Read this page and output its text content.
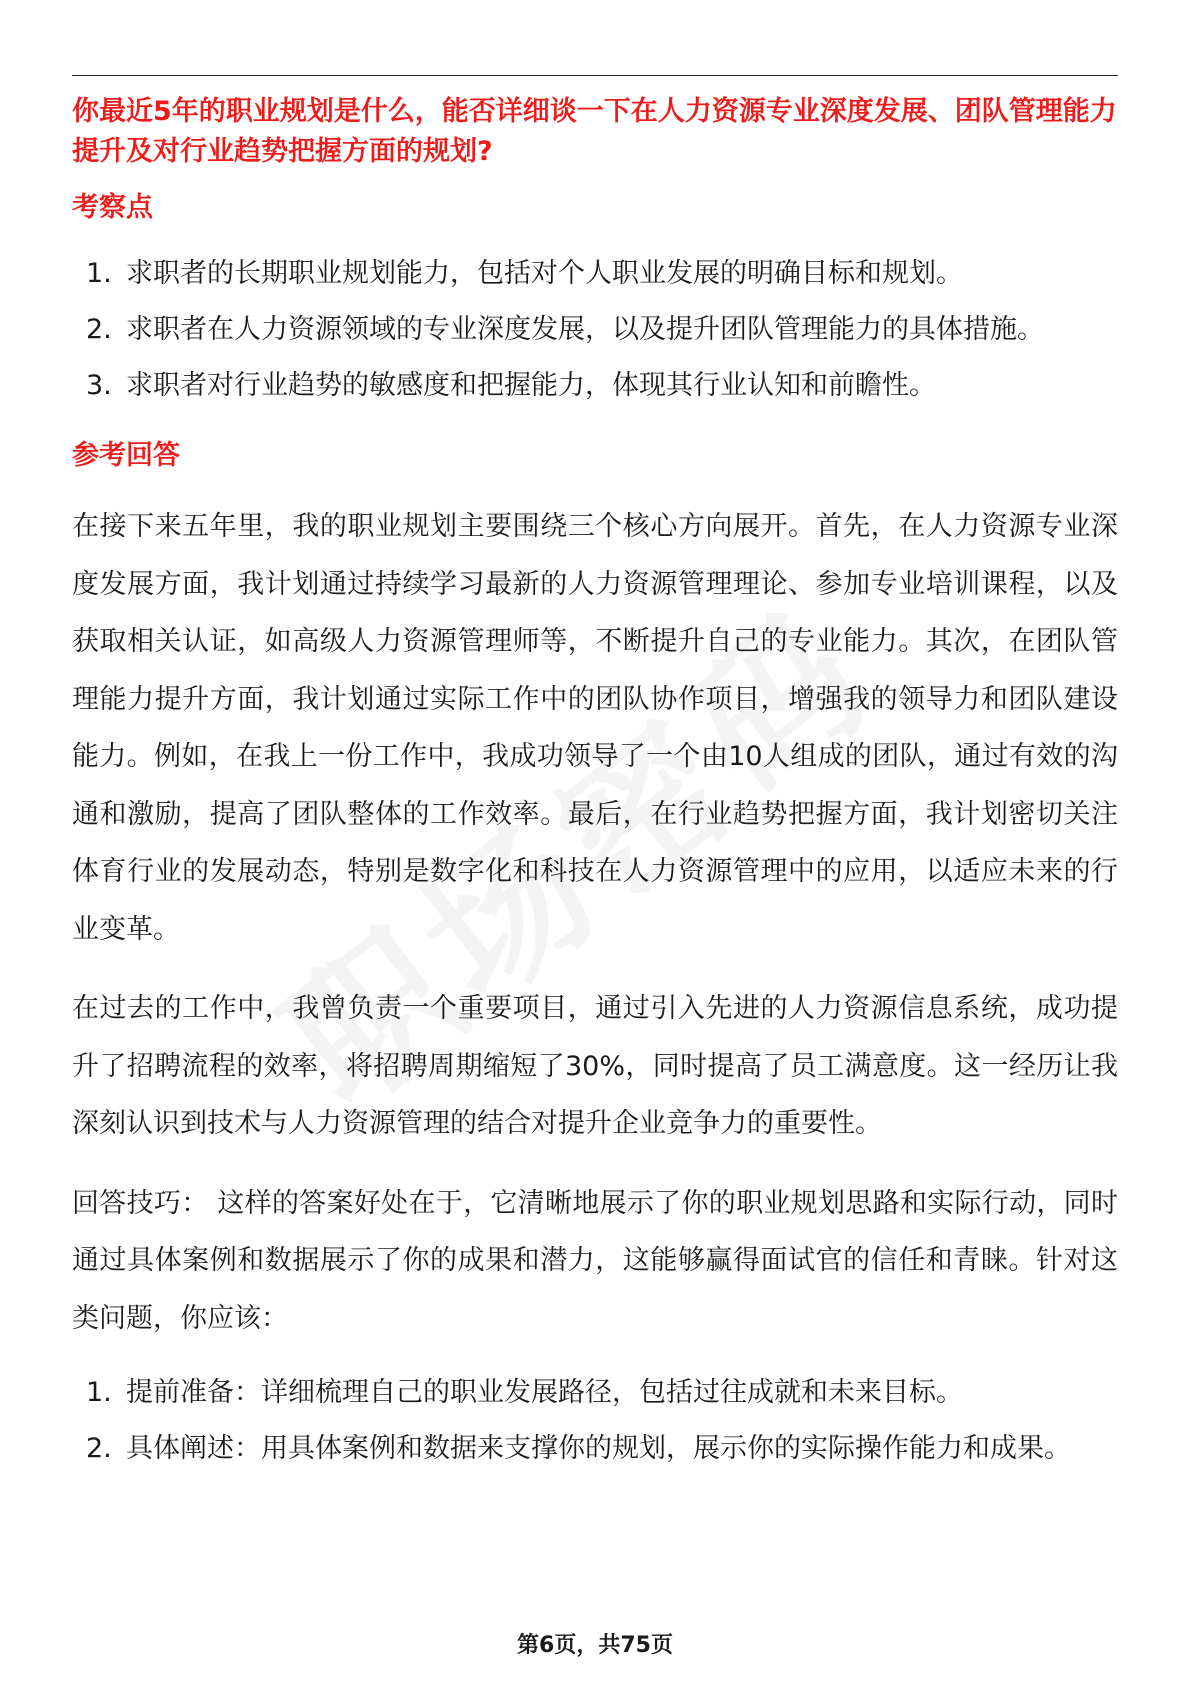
你最近5年的职业规划是什么，能否详细谈一下在人力资源专业深度发展、团队管理能力提升及对行业趋势把握方面的规划?
考察点
1. 求职者的长期职业规划能力，包括对个人职业发展的明确目标和规划。
2. 求职者在人力资源领域的专业深度发展，以及提升团队管理能力的具体措施。
3. 求职者对行业趋势的敏感度和把握能力，体现其行业认知和前瞻性。
参考回答

在接下来五年里，我的职业规划主要围绕三个核心方向展开。首先，在人力资源专业深度发展方面，我计划通过持续学习最新的人力资源管理理论、参加专业培训课程，以及获取相关认证，如高级人力资源管理师等，不断提升自己的专业能力。其次，在团队管理能力提升方面，我计划通过实际工作中的团队协作项目，增强我的领导力和团队建设能力。例如，在我上一份工作中，我成功领导了一个由10人组成的团队，通过有效的沟通和激励，提高了团队整体的工作效率。最后，在行业趋势把握方面，我计划密切关注体育行业的发展动态，特别是数字化和科技在人力资源管理中的应用，以适应未来的行业变革。

在过去的工作中，我曾负责一个重要项目，通过引入先进的人力资源信息系统，成功提升了招聘流程的效率，将招聘周期缩短了30%，同时提高了员工满意度。这一经历让我深刻认识到技术与人力资源管理的结合对提升企业竞争力的重要性。

回答技巧： 这样的答案好处在于，它清晰地展示了你的职业规划思路和实际行动，同时通过具体案例和数据展示了你的成果和潜力，这能够赢得面试官的信任和青睐。针对这类问题，你应该：

1. 提前准备：详细梳理自己的职业发展路径，包括过往成就和未来目标。
2. 具体阐述：用具体案例和数据来支撑你的规划，展示你的实际操作能力和成果。
第6页，共75页
